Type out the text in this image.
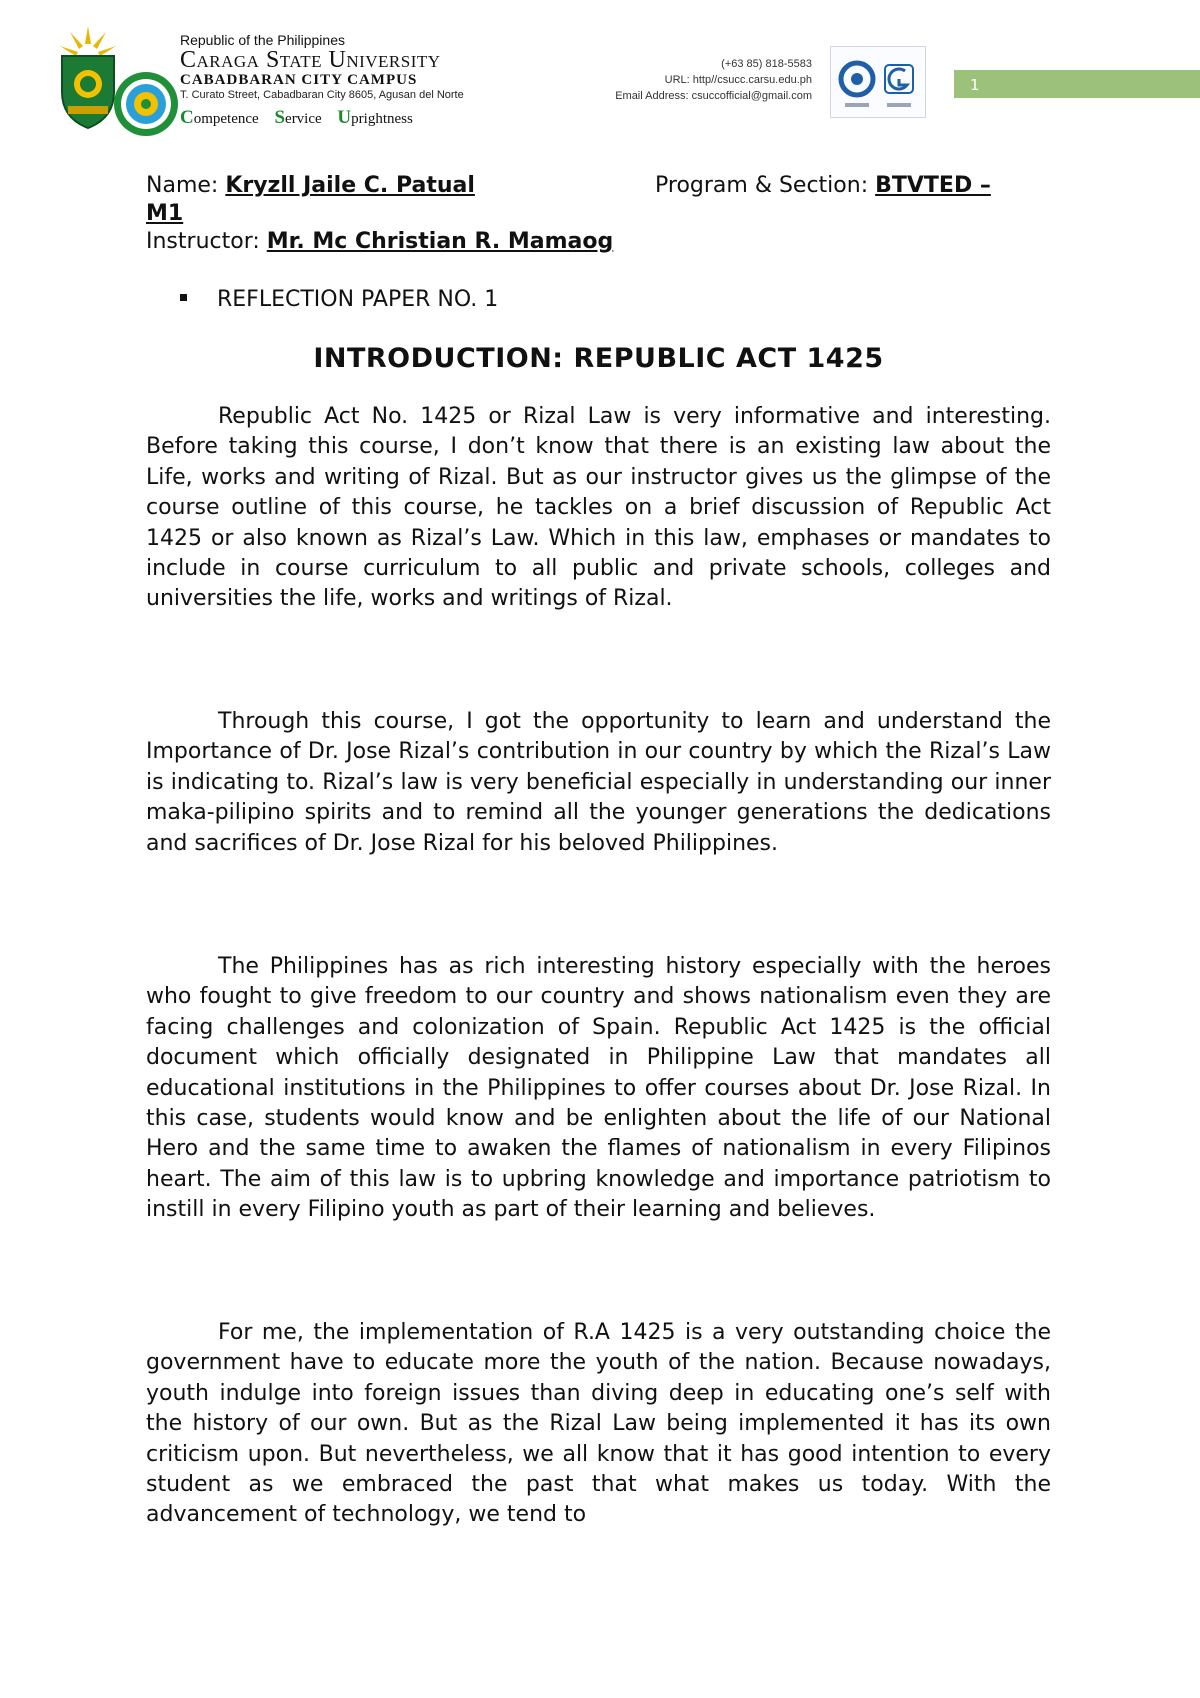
Republic of the Philippines
Caraga State University
CABADBARAN CITY CAMPUS
T. Curato Street, Cabadbaran City 8605, Agusan del Norte
Competence Service Uprightness
(+63 85) 818-5583
URL: http//csucc.carsu.edu.ph
Email Address: csuccofficial@gmail.com
1
Name: Kryzll Jaile C. Patual	Program & Section: BTVTED –
M1
Instructor: Mr. Mc Christian R. Mamaog
REFLECTION PAPER NO. 1
INTRODUCTION: REPUBLIC ACT 1425

Republic Act No. 1425 or Rizal Law is very informative and interesting. Before taking this course, I don’t know that there is an existing law about the Life, works and writing of Rizal. But as our instructor gives us the glimpse of the course outline of this course, he tackles on a brief discussion of Republic Act 1425 or also known as Rizal’s Law. Which in this law, emphases or mandates to include in course curriculum to all public and private schools, colleges and universities the life, works and writings of Rizal.

Through this course, I got the opportunity to learn and understand the Importance of Dr. Jose Rizal’s contribution in our country by which the Rizal’s Law is indicating to. Rizal’s law is very beneficial especially in understanding our inner maka-pilipino spirits and to remind all the younger generations the dedications and sacrifices of Dr. Jose Rizal for his beloved Philippines.

The Philippines has as rich interesting history especially with the heroes who fought to give freedom to our country and shows nationalism even they are facing challenges and colonization of Spain. Republic Act 1425 is the official document which officially designated in Philippine Law that mandates all educational institutions in the Philippines to offer courses about Dr. Jose Rizal. In this case, students would know and be enlighten about the life of our National Hero and the same time to awaken the flames of nationalism in every Filipinos heart. The aim of this law is to upbring knowledge and importance patriotism to instill in every Filipino youth as part of their learning and believes.

For me, the implementation of R.A 1425 is a very outstanding choice the government have to educate more the youth of the nation. Because nowadays, youth indulge into foreign issues than diving deep in educating one’s self with the history of our own. But as the Rizal Law being implemented it has its own criticism upon. But nevertheless, we all know that it has good intention to every student as we embraced the past that what makes us today. With the advancement of technology, we tend to
